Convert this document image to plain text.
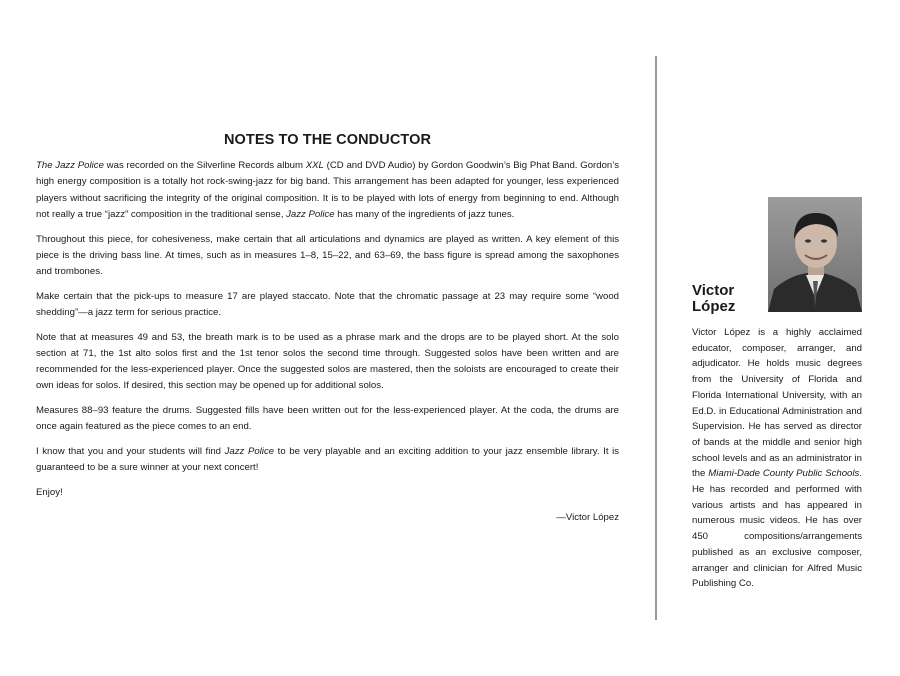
NOTES TO THE CONDUCTOR

The Jazz Police was recorded on the Silverline Records album XXL (CD and DVD Audio) by Gordon Goodwin’s Big Phat Band. Gordon’s high energy composition is a totally hot rock-swing-jazz for big band. This arrangement has been adapted for younger, less experienced players without sacrificing the integrity of the original composition. It is to be played with lots of energy from beginning to end. Although not really a true “jazz” composition in the traditional sense, Jazz Police has many of the ingredients of jazz tunes.

Throughout this piece, for cohesiveness, make certain that all articulations and dynamics are played as written. A key element of this piece is the driving bass line. At times, such as in measures 1–8, 15–22, and 63–69, the bass figure is spread among the saxophones and trombones.

Make certain that the pick-ups to measure 17 are played staccato. Note that the chromatic passage at 23 may require some “wood shedding”—a jazz term for serious practice.

Note that at measures 49 and 53, the breath mark is to be used as a phrase mark and the drops are to be played short. At the solo section at 71, the 1st alto solos first and the 1st tenor solos the second time through. Suggested solos have been written and are recommended for the less-experienced player. Once the suggested solos are mastered, then the soloists are encouraged to create their own ideas for solos. If desired, this section may be opened up for additional solos.

Measures 88–93 feature the drums. Suggested fills have been written out for the less-experienced player. At the coda, the drums are once again featured as the piece comes to an end.

I know that you and your students will find Jazz Police to be very playable and an exciting addition to your jazz ensemble library. It is guaranteed to be a sure winner at your next concert!

Enjoy!

—Victor López
Victor
López
Victor López is a highly acclaimed educator, composer, arranger, and adjudicator. He holds music degrees from the University of Florida and Florida International University, with an Ed.D. in Educational Administration and Supervision. He has served as director of bands at the middle and senior high school levels and as an administrator in the Miami-Dade County Public Schools. He has recorded and performed with various artists and has appeared in numerous music videos. He has over 450 compositions/arrangements published as an exclusive composer, arranger and clinician for Alfred Music Publishing Co.
